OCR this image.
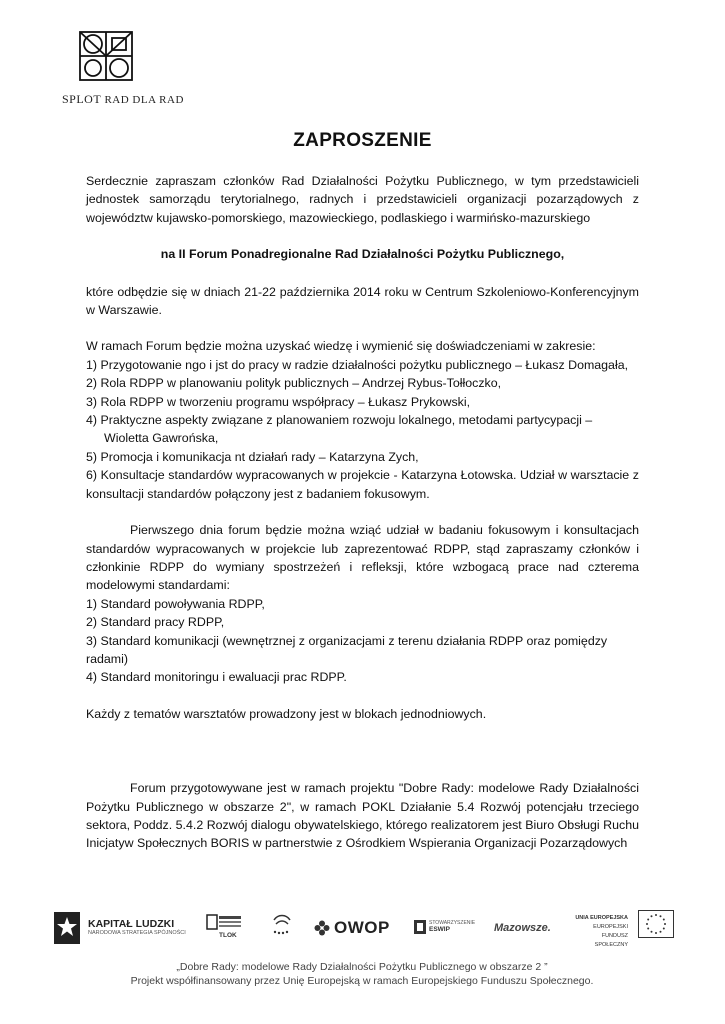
SPLOT RAD DLA RAD
ZAPROSZENIE

Serdecznie zapraszam członków Rad Działalności Pożytku Publicznego, w tym przedstawicieli jednostek samorządu terytorialnego, radnych i przedstawicieli organizacji pozarządowych z województw kujawsko-pomorskiego, mazowieckiego, podlaskiego i warmińsko-mazurskiego

na II Forum Ponadregionalne Rad Działalności Pożytku Publicznego,

które odbędzie się w dniach 21-22 października 2014 roku w Centrum Szkoleniowo-Konferencyjnym w Warszawie.

W ramach Forum będzie można uzyskać wiedzę i wymienić się doświadczeniami w zakresie:

1) Przygotowanie ngo i jst do pracy w radzie działalności pożytku publicznego – Łukasz Domagała,

2) Rola RDPP w planowaniu polityk publicznych – Andrzej Rybus-Tołłoczko,

3) Rola RDPP w tworzeniu programu współpracy – Łukasz Prykowski,

4) Praktyczne aspekty związane z planowaniem rozwoju lokalnego, metodami partycypacji – Wioletta Gawrońska,

5) Promocja i komunikacja nt działań rady – Katarzyna Zych,

6) Konsultacje standardów wypracowanych w projekcie - Katarzyna Łotowska. Udział w warsztacie z konsultacji standardów połączony jest z badaniem fokusowym.

Pierwszego dnia forum będzie można wziąć udział w badaniu fokusowym i konsultacjach standardów wypracowanych w projekcie lub zaprezentować RDPP, stąd zapraszamy członków i członkinie RDPP do wymiany spostrzeżeń i refleksji, które wzbogacą prace nad czterema modelowymi standardami:

1) Standard powoływania RDPP,

2) Standard pracy RDPP,

3) Standard komunikacji (wewnętrznej z organizacjami z terenu działania RDPP oraz pomiędzy radami)

4) Standard monitoringu i ewaluacji prac RDPP.

Każdy z tematów warsztatów prowadzony jest w blokach jednodniowych.

Forum przygotowywane jest w ramach projektu "Dobre Rady: modelowe Rady Działalności Pożytku Publicznego w obszarze 2", w ramach POKL Działanie 5.4 Rozwój potencjału trzeciego sektora, Poddz. 5.4.2 Rozwój dialogu obywatelskiego, którego realizatorem jest Biuro Obsługi Ruchu Inicjatyw Społecznych BORIS w partnerstwie z Ośrodkiem Wspierania Organizacji Pozarządowych

KAPITAŁ LUDZKI
NARODOWA STRATEGIA SPÓJNOŚCI	TLOK	OWOP	STOWARZYSZENIE
ESWIP	Mazowsze.
UNIA EUROPEJSKA
EUROPEJSKI
FUNDUSZ SPOŁECZNY
„Dobre Rady: modelowe Rady Działalności Pożytku Publicznego w obszarze 2 ”
Projekt współfinansowany przez Unię Europejską w ramach Europejskiego Funduszu Społecznego.
